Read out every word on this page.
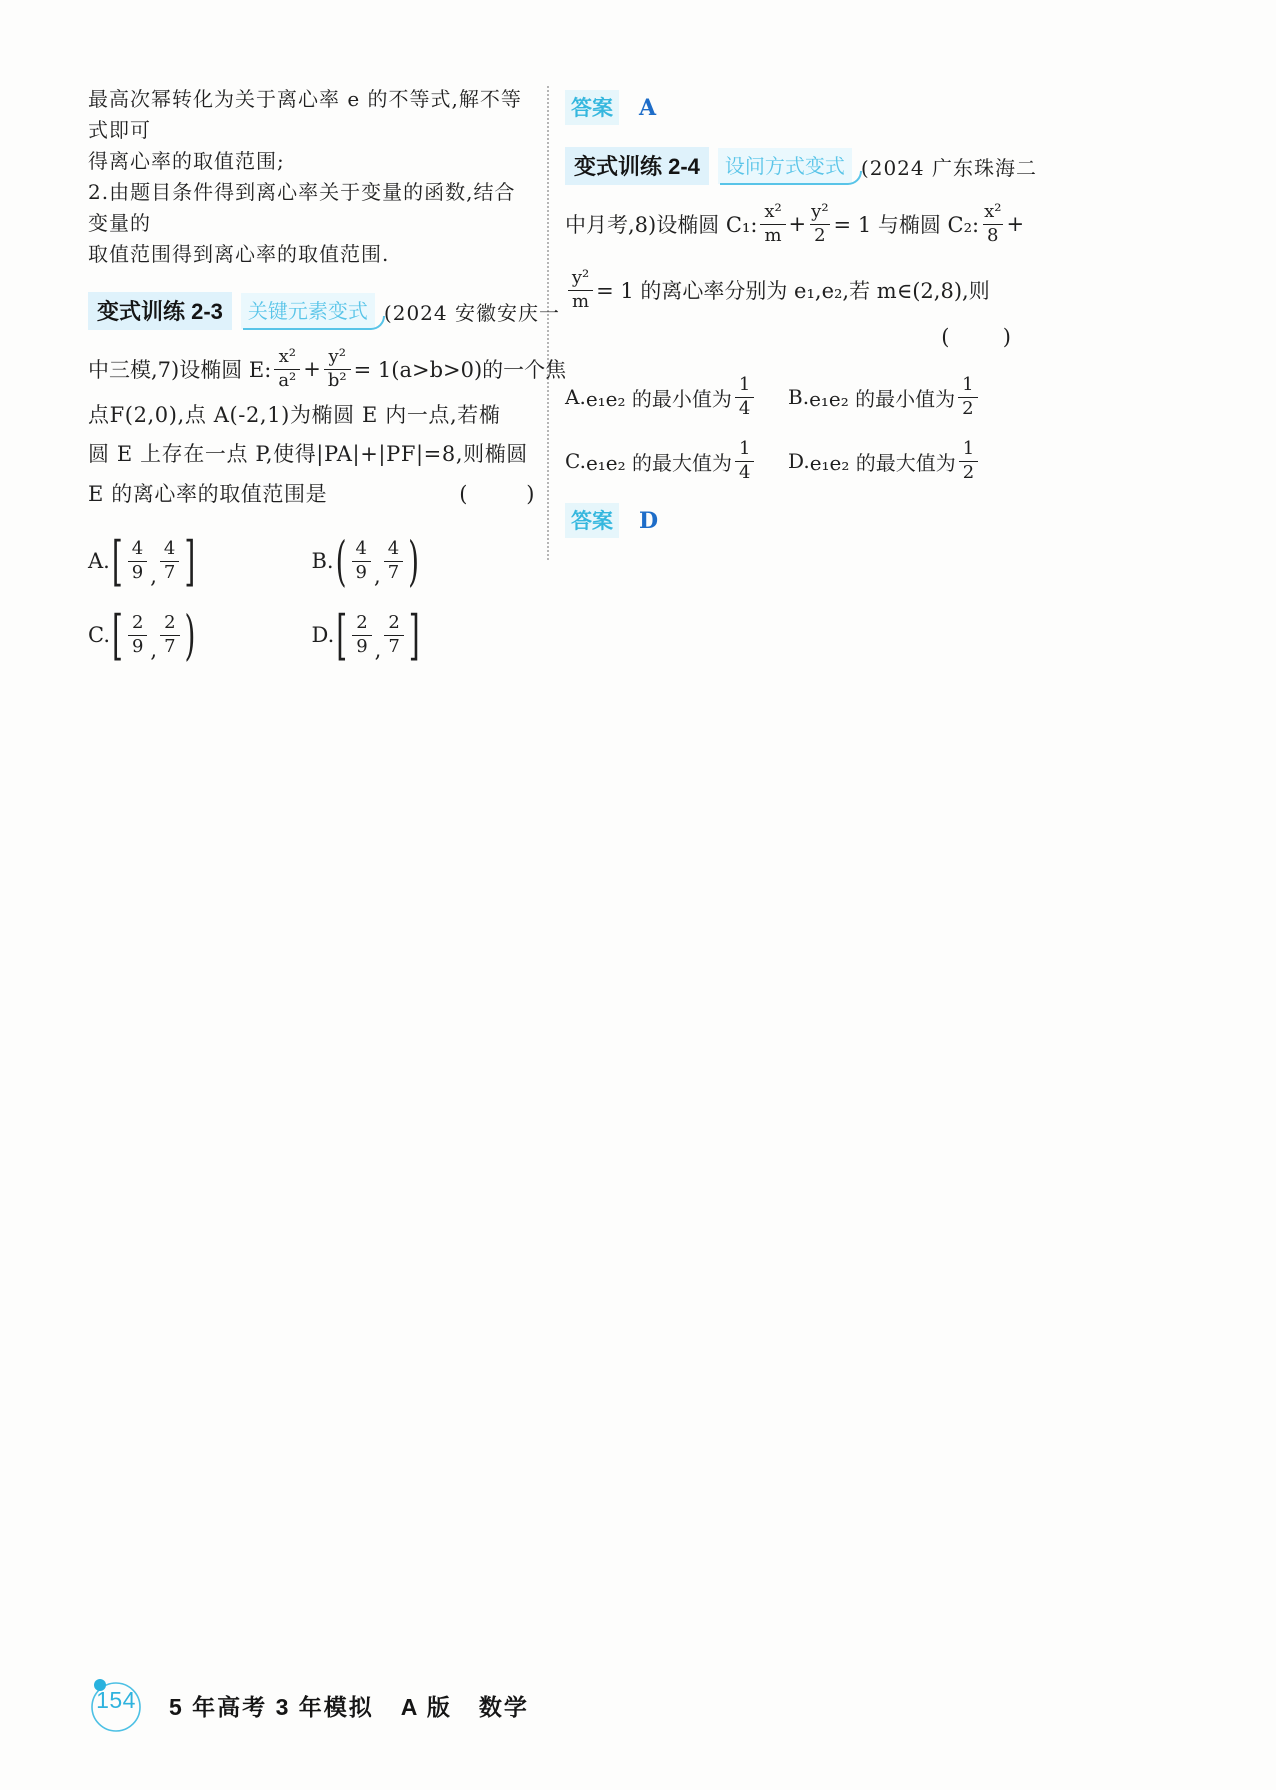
最高次幂转化为关于离心率 e 的不等式,解不等式即可
得离心率的取值范围;
2.由题目条件得到离心率关于变量的函数,结合变量的
取值范围得到离心率的取值范围.
变式训练 2-3	关键元素变式 (2024 安徽安庆一
中三模,7)设椭圆 E: $\frac{\text{x²}}{\text{a²}} + \frac{\text{y²}}{\text{b²}} = 1(a>b>0)$的一个焦
点F(2,0),点 A(-2,1)为椭圆 E 内一点,若椭
圆 E 上存在一点 P,使得|PA|+|PF|=8,则椭圆
E 的离心率的取值范围是	(        )
A. [ $\frac{4}{9}$ , $\frac{4}{7}$ ]	B. ( $\frac{4}{9}$ , $\frac{4}{7}$ )
C. [ $\frac{2}{9}$ , $\frac{2}{7}$ )	D. [ $\frac{2}{9}$ , $\frac{2}{7}$ ]
答案 A
变式训练 2-4	设问方式变式 (2024 广东珠海二
中月考,8)设椭圆 C₁: $\frac{\text{x²}}{m} + \frac{\text{y²}}{2} = 1$ 与椭圆 C₂: $\frac{\text{x²}}{8}$ +
$\frac{\text{y²}}{m} = 1$ 的离心率分别为 e₁,e₂,若 m∈(2,8),则
(        )
A. e₁e₂ 的最小值为 $\frac{1}{4} B$. e₁e₂ 的最小值为 $\frac{1}{2}$
C. e₁e₂ 的最大值为 $\frac{1}{4} D$. e₁e₂ 的最大值为 $\frac{1}{2}$
答案 D
154	5 年高考 3 年模拟 A 版 数学
